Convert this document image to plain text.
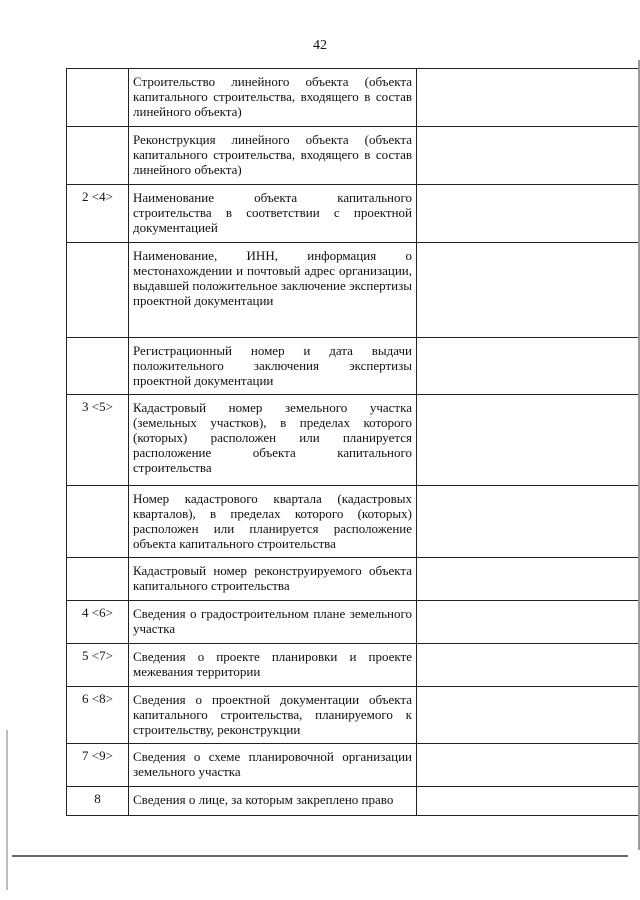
42
	Строительство линейного объекта (объекта капитального строительства, входящего в состав линейного объекта)	
	Реконструкция линейного объекта (объекта капитального строительства, входящего в состав линейного объекта)	
2 <4>	Наименование объекта капитального строительства в соответствии с проектной документацией	
	Наименование, ИНН, информация о местонахождении и почтовый адрес организации, выдавшей положительное заключение экспертизы проектной документации	
	Регистрационный номер и дата выдачи положительного заключения экспертизы проектной документации	
3 <5>	Кадастровый номер земельного участка (земельных участков), в пределах которого (которых) расположен или планируется расположение объекта капитального строительства	
	Номер кадастрового квартала (кадастровых кварталов), в пределах которого (которых) расположен или планируется расположение объекта капитального строительства	
	Кадастровый номер реконструируемого объекта капитального строительства	
4 <6>	Сведения о градостроительном плане земельного участка	
5 <7>	Сведения о проекте планировки и проекте межевания территории	
6 <8>	Сведения о проектной документации объекта капитального строительства, планируемого к строительству, реконструкции	
7 <9>	Сведения о схеме планировочной организации земельного участка	
8	Сведения о лице, за которым закреплено право	
